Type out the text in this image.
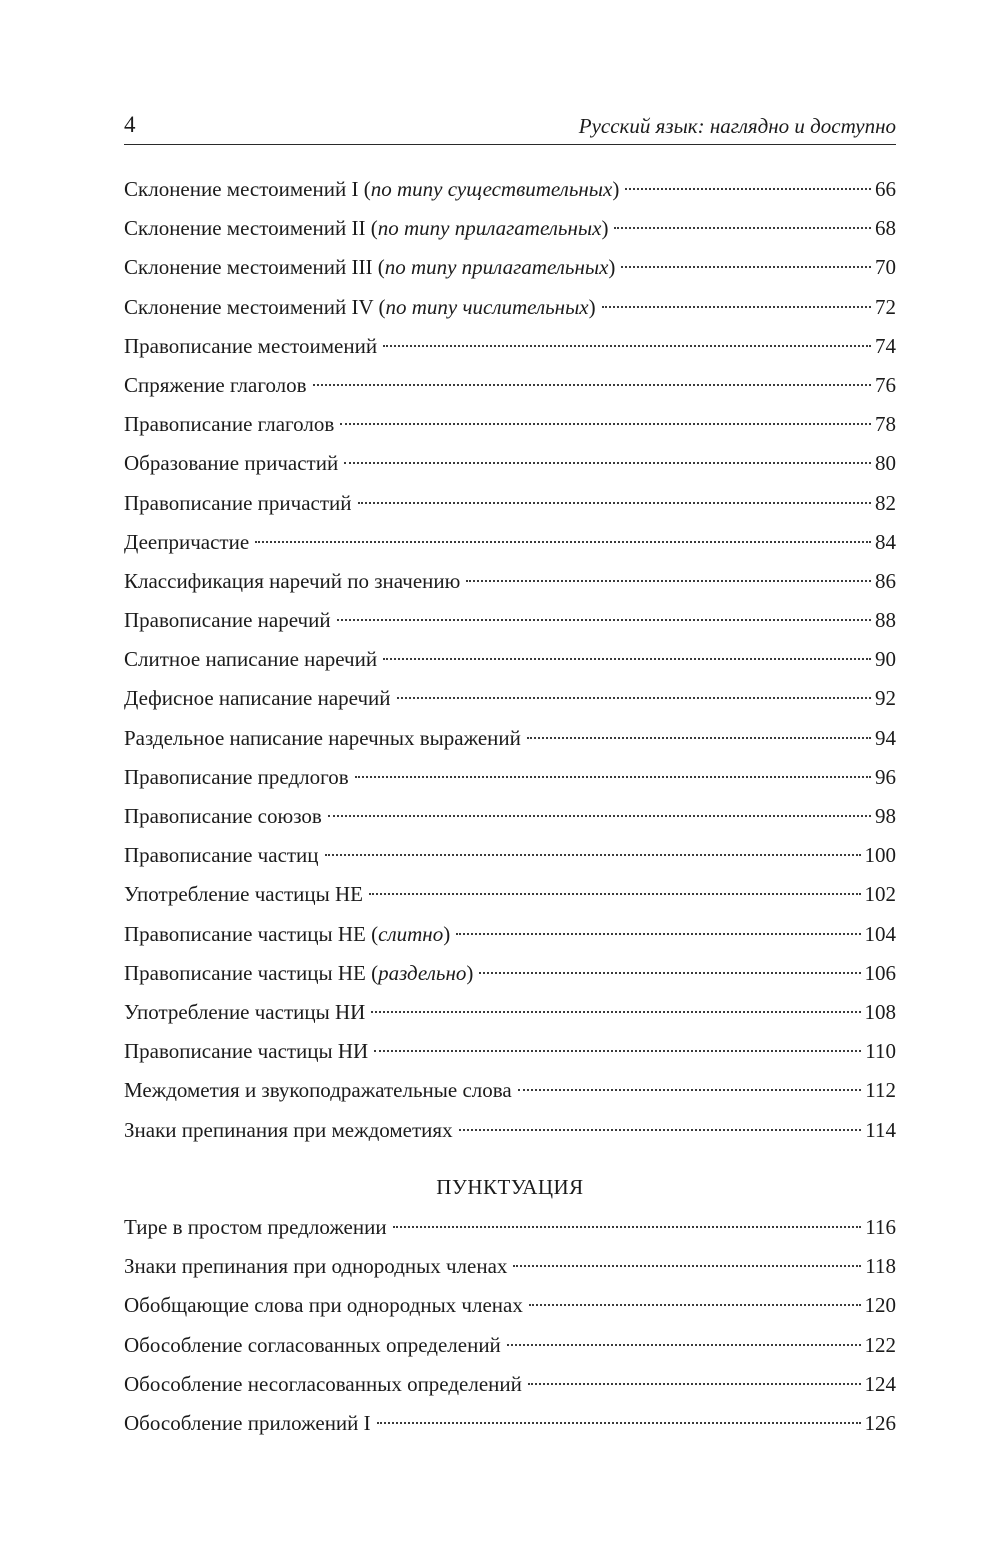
4	Русский язык: наглядно и доступно
Склонение местоимений I (по типу существительных)	66
Склонение местоимений II (по типу прилагательных)	68
Склонение местоимений III (по типу прилагательных)	70
Склонение местоимений IV (по типу числительных)	72
Правописание местоимений	74
Спряжение глаголов	76
Правописание глаголов	78
Образование причастий	80
Правописание причастий	82
Деепричастие	84
Классификация наречий по значению	86
Правописание наречий	88
Слитное написание наречий	90
Дефисное написание наречий	92
Раздельное написание наречных выражений	94
Правописание предлогов	96
Правописание союзов	98
Правописание частиц	100
Употребление частицы НЕ	102
Правописание частицы НЕ (слитно)	104
Правописание частицы НЕ (раздельно)	106
Употребление частицы НИ	108
Правописание частицы НИ	110
Междометия и звукоподражательные слова	112
Знаки препинания при междометиях	114
ПУНКТУАЦИЯ
Тире в простом предложении	116
Знаки препинания при однородных членах	118
Обобщающие слова при однородных членах	120
Обособление согласованных определений	122
Обособление несогласованных определений	124
Обособление приложений I	126
